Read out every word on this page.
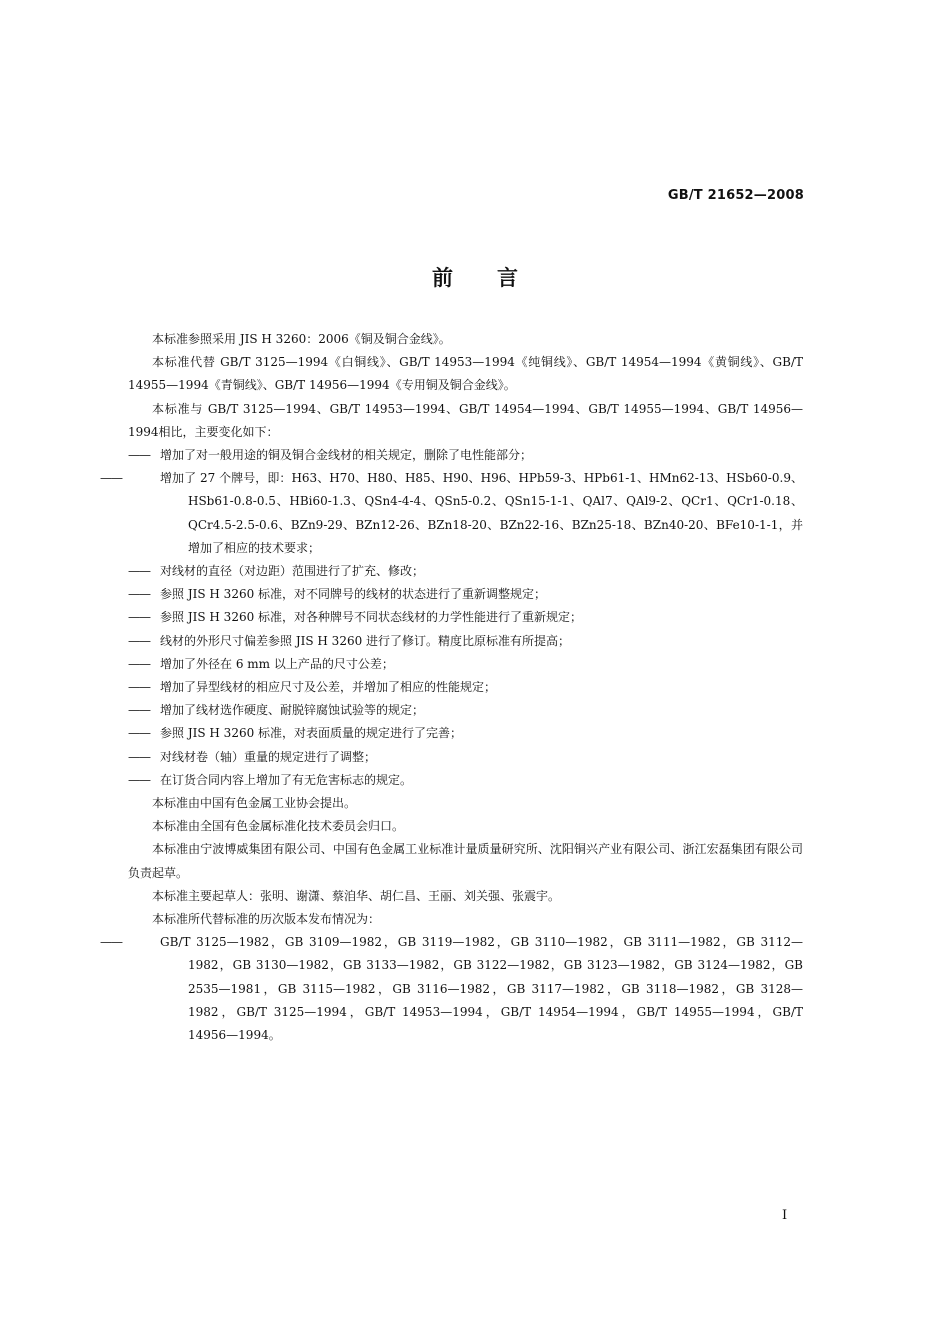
GB/T 21652—2008
前言

本标准参照采用 JIS H 3260：2006《铜及铜合金线》。

本标准代替 GB/T 3125—1994《白铜线》、GB/T 14953—1994《纯铜线》、GB/T 14954—1994《黄铜线》、GB/T 14955—1994《青铜线》、GB/T 14956—1994《专用铜及铜合金线》。

本标准与 GB/T 3125—1994、GB/T 14953—1994、GB/T 14954—1994、GB/T 14955—1994、GB/T 14956—1994相比，主要变化如下：

—— 增加了对一般用途的铜及铜合金线材的相关规定，删除了电性能部分；

—— 增加了 27 个牌号，即：H63、H70、H80、H85、H90、H96、HPb59-3、HPb61-1、HMn62-13、HSb60-0.9、HSb61-0.8-0.5、HBi60-1.3、QSn4-4-4、QSn5-0.2、QSn15-1-1、QAl7、QAl9-2、QCr1、QCr1-0.18、QCr4.5-2.5-0.6、BZn9-29、BZn12-26、BZn18-20、BZn22-16、BZn25-18、BZn40-20、BFe10-1-1，并增加了相应的技术要求；

—— 对线材的直径（对边距）范围进行了扩充、修改；

—— 参照 JIS H 3260 标准，对不同牌号的线材的状态进行了重新调整规定；

—— 参照 JIS H 3260 标准，对各种牌号不同状态线材的力学性能进行了重新规定；

—— 线材的外形尺寸偏差参照 JIS H 3260 进行了修订。精度比原标准有所提高；

—— 增加了外径在 6 mm 以上产品的尺寸公差；

—— 增加了异型线材的相应尺寸及公差，并增加了相应的性能规定；

—— 增加了线材选作硬度、耐脱锌腐蚀试验等的规定；

—— 参照 JIS H 3260 标准，对表面质量的规定进行了完善；

—— 对线材卷（轴）重量的规定进行了调整；

—— 在订货合同内容上增加了有无危害标志的规定。

本标准由中国有色金属工业协会提出。

本标准由全国有色金属标准化技术委员会归口。

本标准由宁波博威集团有限公司、中国有色金属工业标准计量质量研究所、沈阳铜兴产业有限公司、浙江宏磊集团有限公司负责起草。

本标准主要起草人：张明、谢潇、蔡洎华、胡仁昌、王丽、刘关强、张震宇。

本标准所代替标准的历次版本发布情况为：

—— GB/T 3125—1982，GB 3109—1982，GB 3119—1982，GB 3110—1982，GB 3111—1982，GB 3112—1982，GB 3130—1982，GB 3133—1982，GB 3122—1982，GB 3123—1982，GB 3124—1982，GB 2535—1981，GB 3115—1982，GB 3116—1982，GB 3117—1982，GB 3118—1982，GB 3128—1982，GB/T 3125—1994，GB/T 14953—1994，GB/T 14954—1994，GB/T 14955—1994，GB/T 14956—1994。

I
